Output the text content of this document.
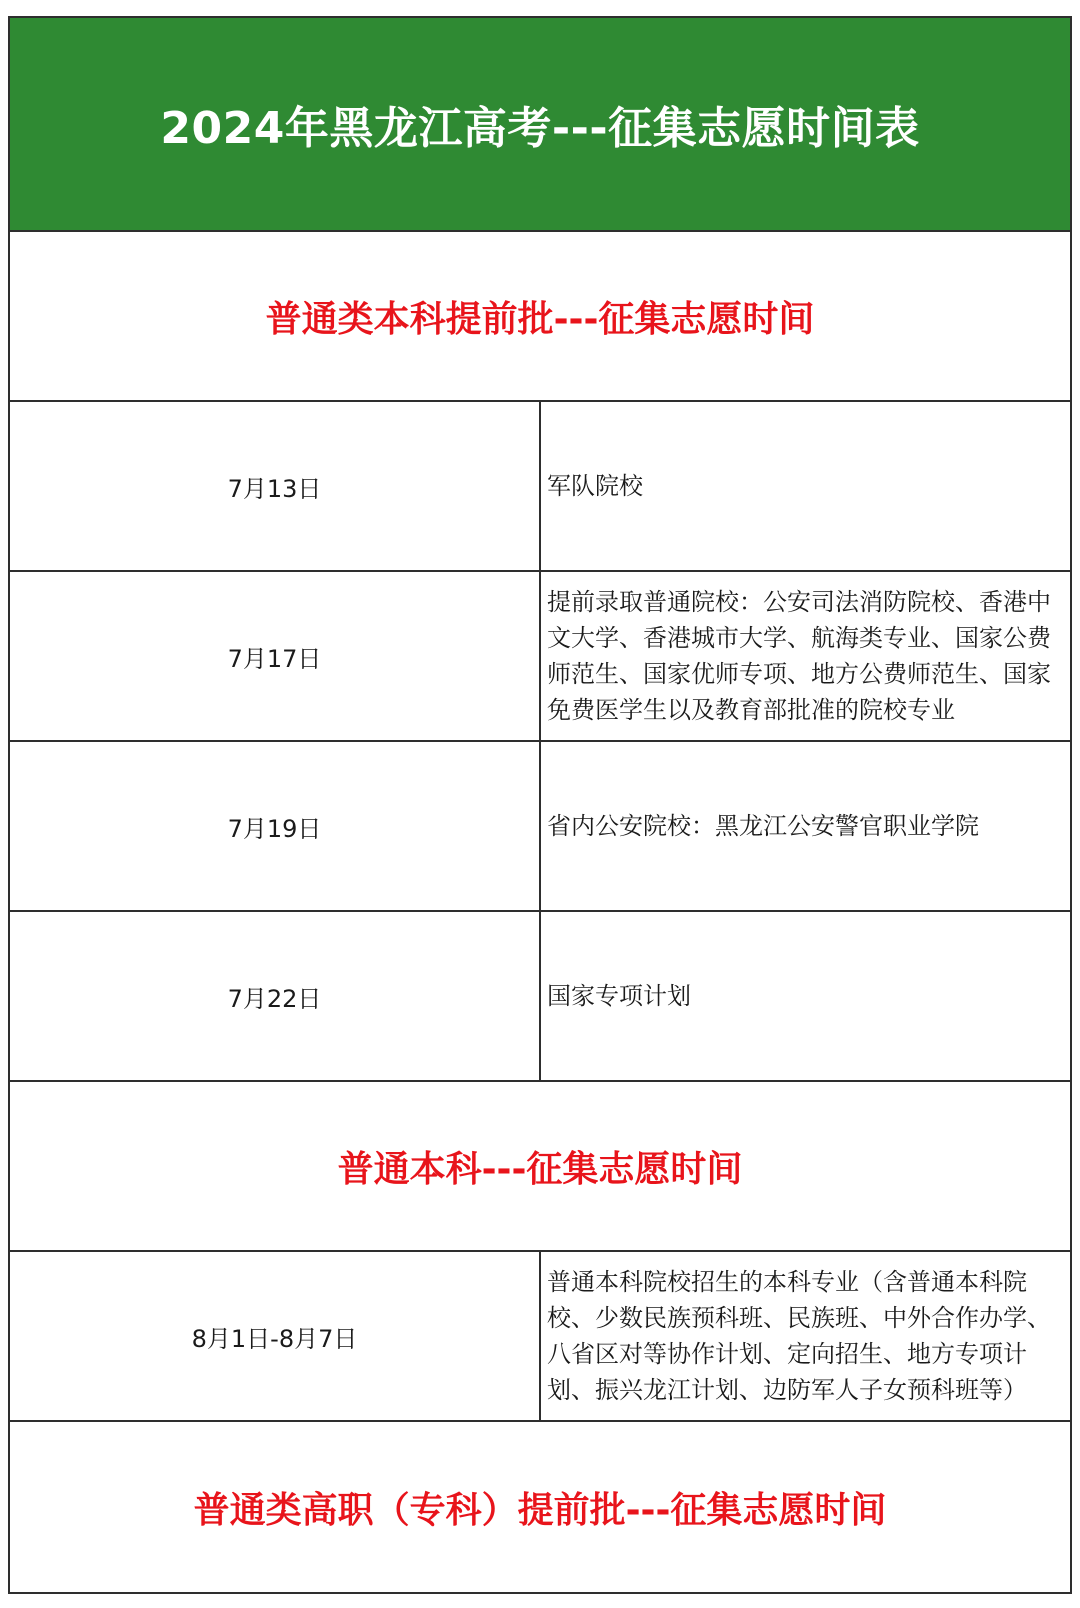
2024年黑龙江高考---征集志愿时间表	
普通类本科提前批---征集志愿时间	
7月13日	军队院校
7月17日	提前录取普通院校：公安司法消防院校、香港中文大学、香港城市大学、航海类专业、国家公费师范生、国家优师专项、地方公费师范生、国家免费医学生以及教育部批准的院校专业
7月19日	省内公安院校：黑龙江公安警官职业学院
7月22日	国家专项计划
普通本科---征集志愿时间	
8月1日-8月7日	普通本科院校招生的本科专业（含普通本科院校、少数民族预科班、民族班、中外合作办学、八省区对等协作计划、定向招生、地方专项计划、振兴龙江计划、边防军人子女预科班等）
普通类高职（专科）提前批---征集志愿时间	
